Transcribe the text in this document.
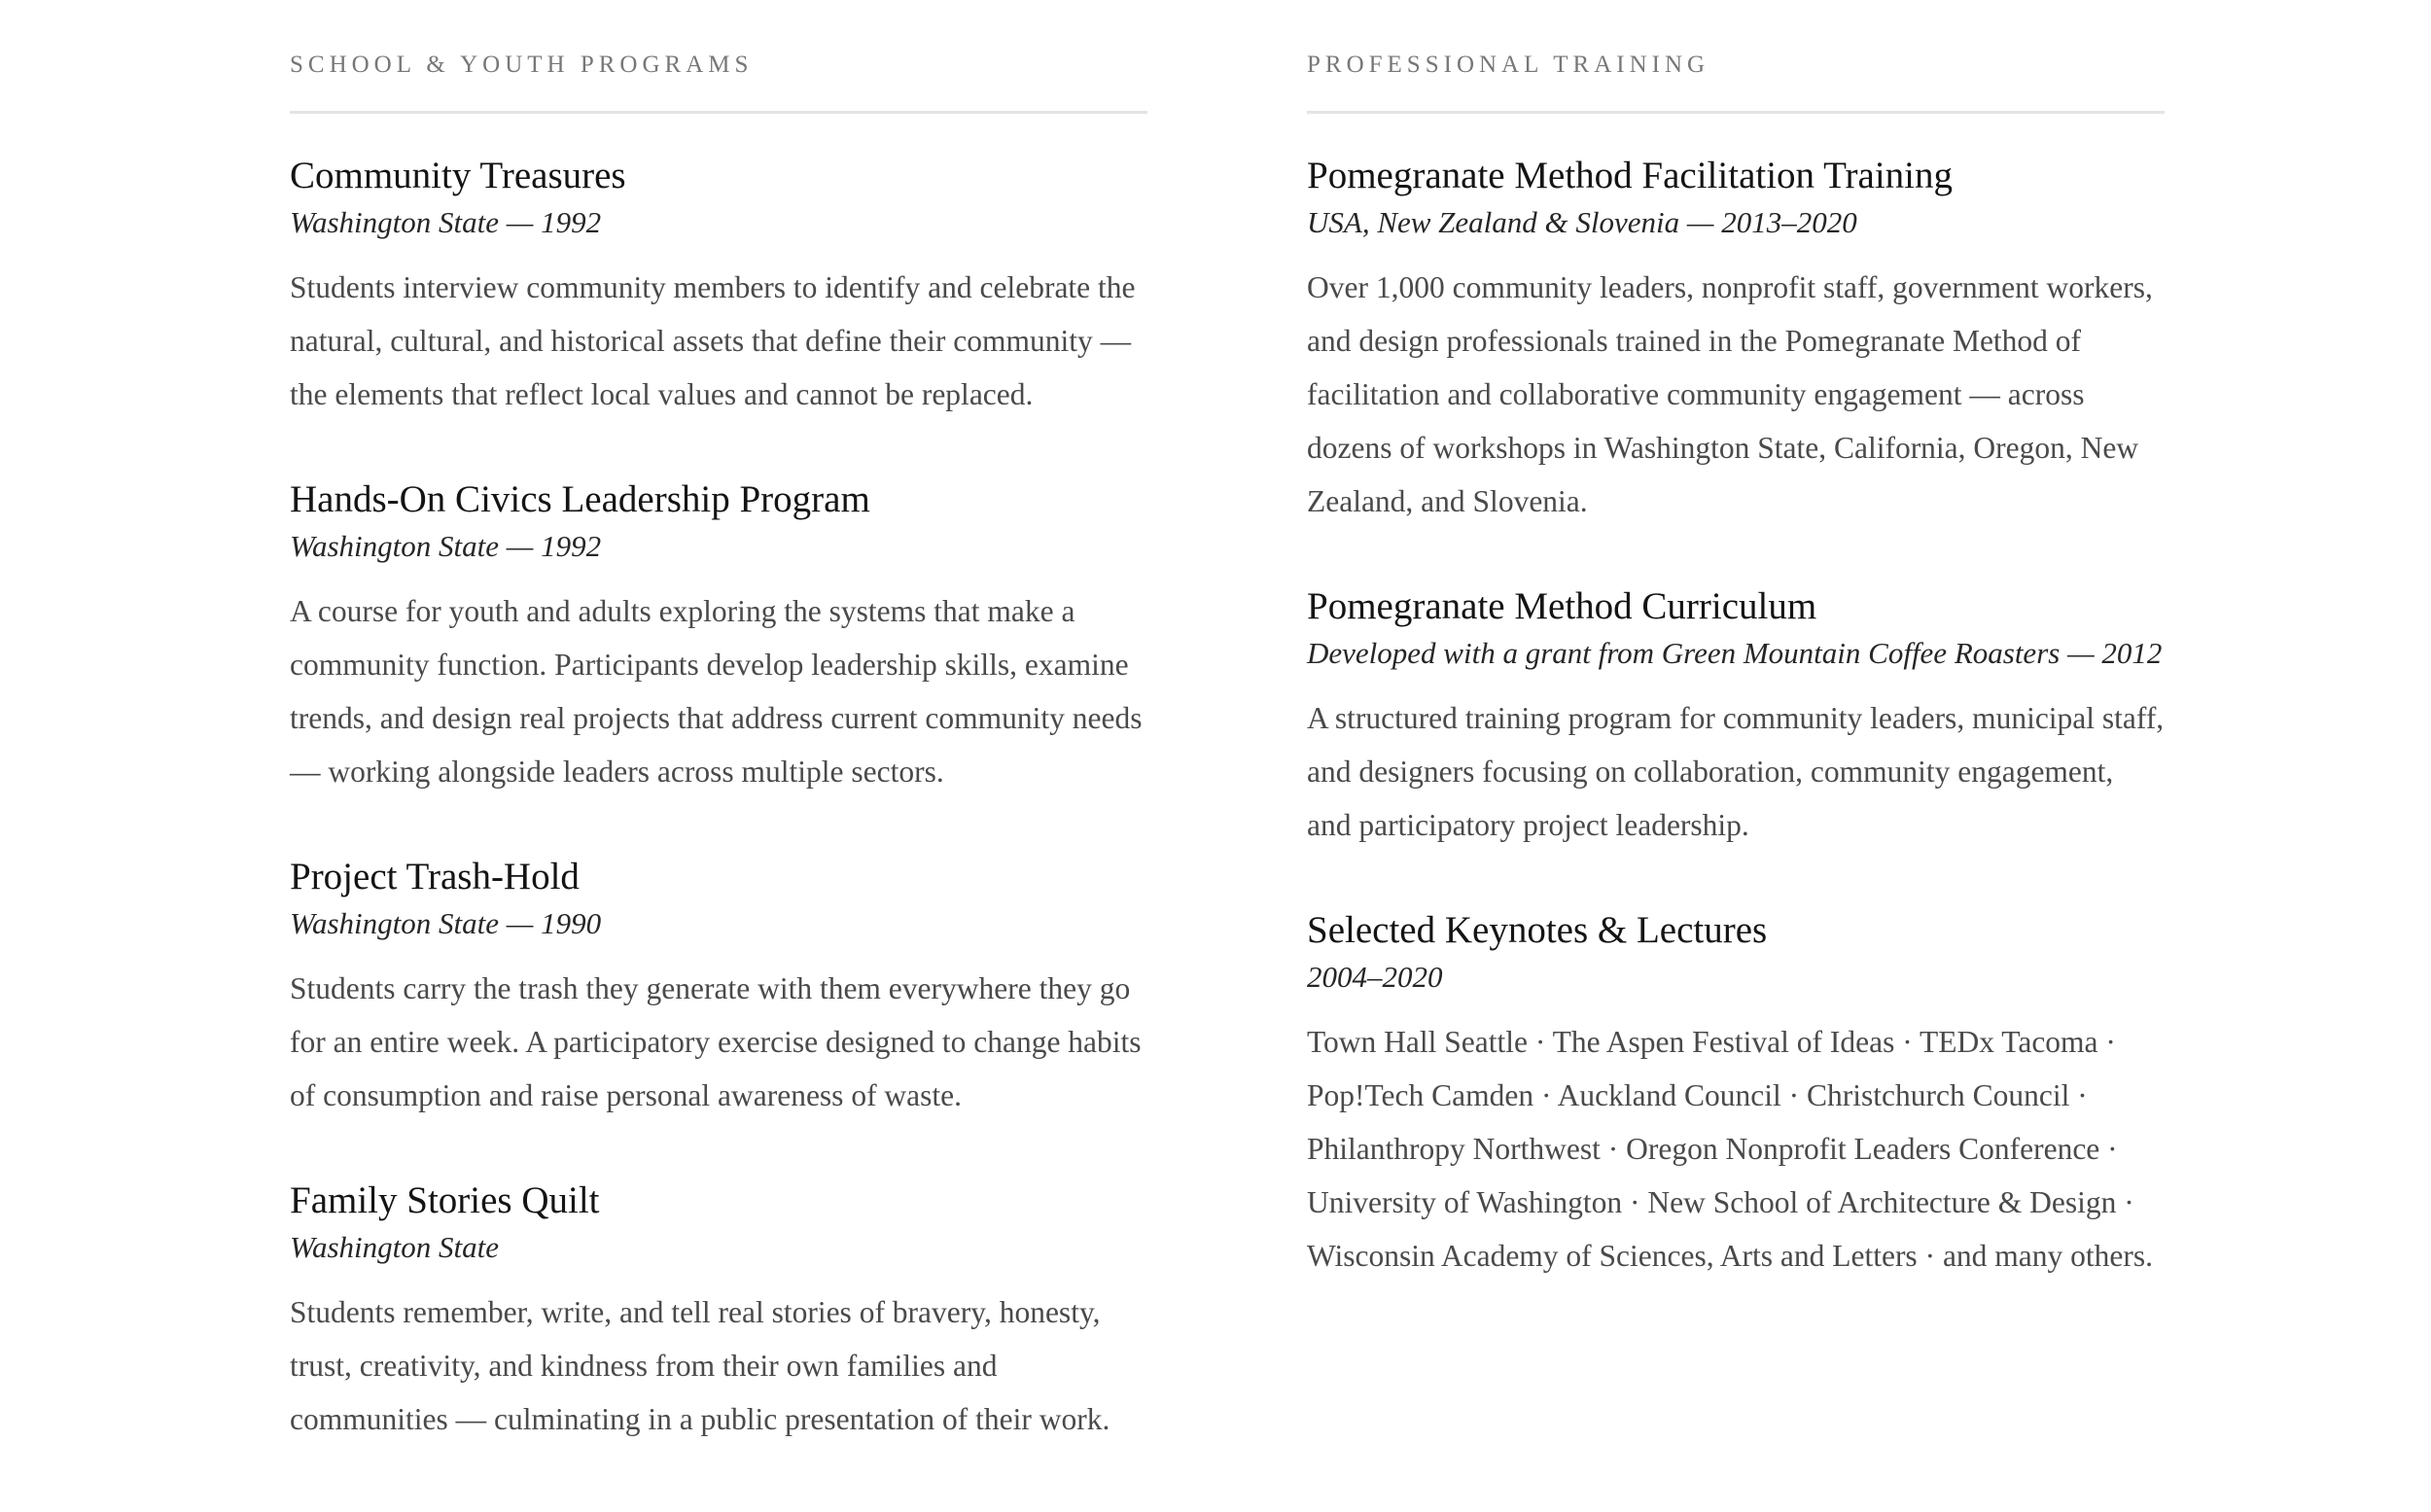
SCHOOL & YOUTH PROGRAMS
Community Treasures

Washington State — 1992

Students interview community members to identify and celebrate the natural, cultural, and historical assets that define their community — the elements that reflect local values and cannot be replaced.

Hands-On Civics Leadership Program

Washington State — 1992

A course for youth and adults exploring the systems that make a community function. Participants develop leadership skills, examine trends, and design real projects that address current community needs — working alongside leaders across multiple sectors.

Project Trash-Hold

Washington State — 1990

Students carry the trash they generate with them everywhere they go for an entire week. A participatory exercise designed to change habits of consumption and raise personal awareness of waste.

Family Stories Quilt

Washington State

Students remember, write, and tell real stories of bravery, honesty, trust, creativity, and kindness from their own families and communities — culminating in a public presentation of their work.

PROFESSIONAL TRAINING
Pomegranate Method Facilitation Training

USA, New Zealand & Slovenia — 2013–2020

Over 1,000 community leaders, nonprofit staff, government workers, and design professionals trained in the Pomegranate Method of facilitation and collaborative community engagement — across dozens of workshops in Washington State, California, Oregon, New Zealand, and Slovenia.

Pomegranate Method Curriculum

Developed with a grant from Green Mountain Coffee Roasters — 2012

A structured training program for community leaders, municipal staff, and designers focusing on collaboration, community engagement, and participatory project leadership.

Selected Keynotes & Lectures

2004–2020

Town Hall Seattle · The Aspen Festival of Ideas · TEDx Tacoma · Pop!Tech Camden · Auckland Council · Christchurch Council · Philanthropy Northwest · Oregon Nonprofit Leaders Conference · University of Washington · New School of Architecture & Design · Wisconsin Academy of Sciences, Arts and Letters · and many others.
